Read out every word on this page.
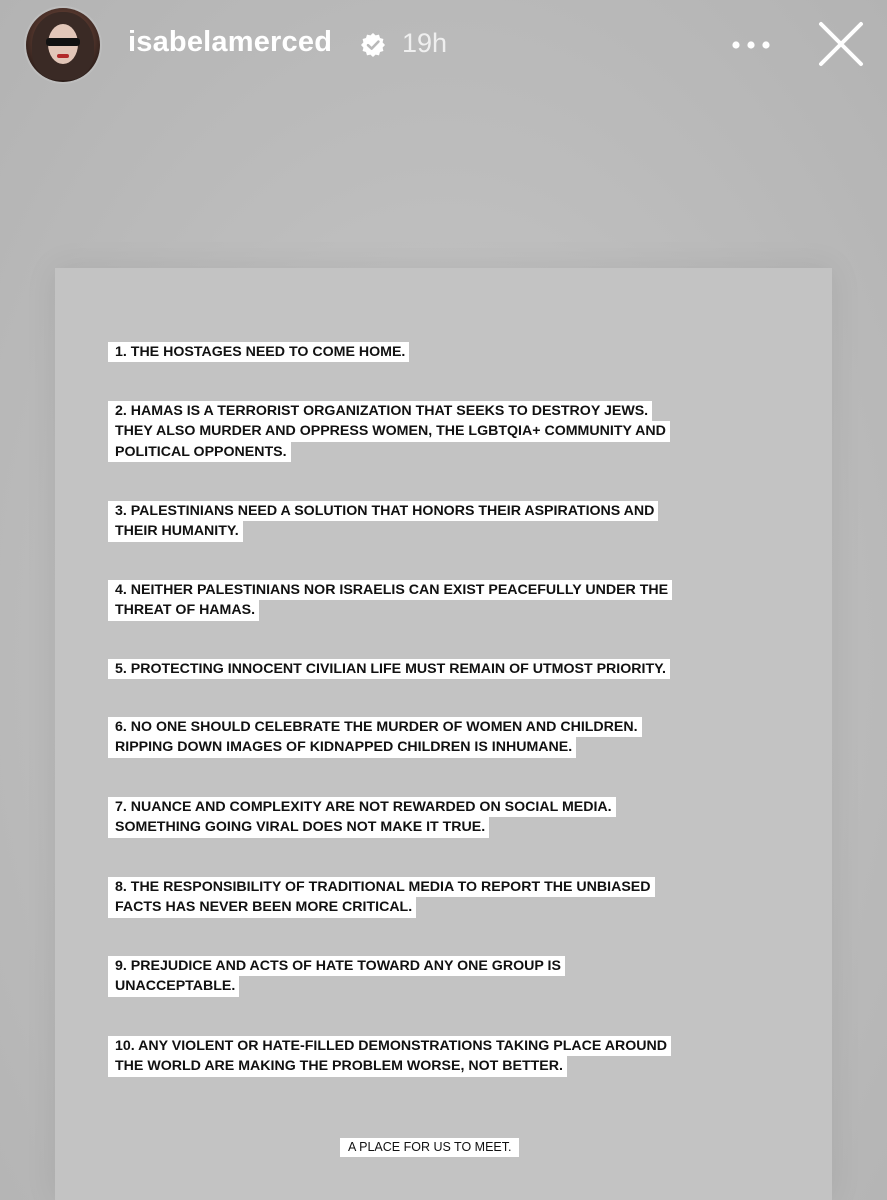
isabelamerced	19h
1. THE HOSTAGES NEED TO COME HOME.
2. HAMAS IS A TERRORIST ORGANIZATION THAT SEEKS TO DESTROY JEWS.
THEY ALSO MURDER AND OPPRESS WOMEN, THE LGBTQIA+ COMMUNITY AND
POLITICAL OPPONENTS.
3. PALESTINIANS NEED A SOLUTION THAT HONORS THEIR ASPIRATIONS AND
THEIR HUMANITY.
4. NEITHER PALESTINIANS NOR ISRAELIS CAN EXIST PEACEFULLY UNDER THE
THREAT OF HAMAS.
5. PROTECTING INNOCENT CIVILIAN LIFE MUST REMAIN OF UTMOST PRIORITY.
6. NO ONE SHOULD CELEBRATE THE MURDER OF WOMEN AND CHILDREN.
RIPPING DOWN IMAGES OF KIDNAPPED CHILDREN IS INHUMANE.
7. NUANCE AND COMPLEXITY ARE NOT REWARDED ON SOCIAL MEDIA.
SOMETHING GOING VIRAL DOES NOT MAKE IT TRUE.
8. THE RESPONSIBILITY OF TRADITIONAL MEDIA TO REPORT THE UNBIASED
FACTS HAS NEVER BEEN MORE CRITICAL.
9. PREJUDICE AND ACTS OF HATE TOWARD ANY ONE GROUP IS
UNACCEPTABLE.
10. ANY VIOLENT OR HATE-FILLED DEMONSTRATIONS TAKING PLACE AROUND
THE WORLD ARE MAKING THE PROBLEM WORSE, NOT BETTER.
A PLACE FOR US TO MEET.
